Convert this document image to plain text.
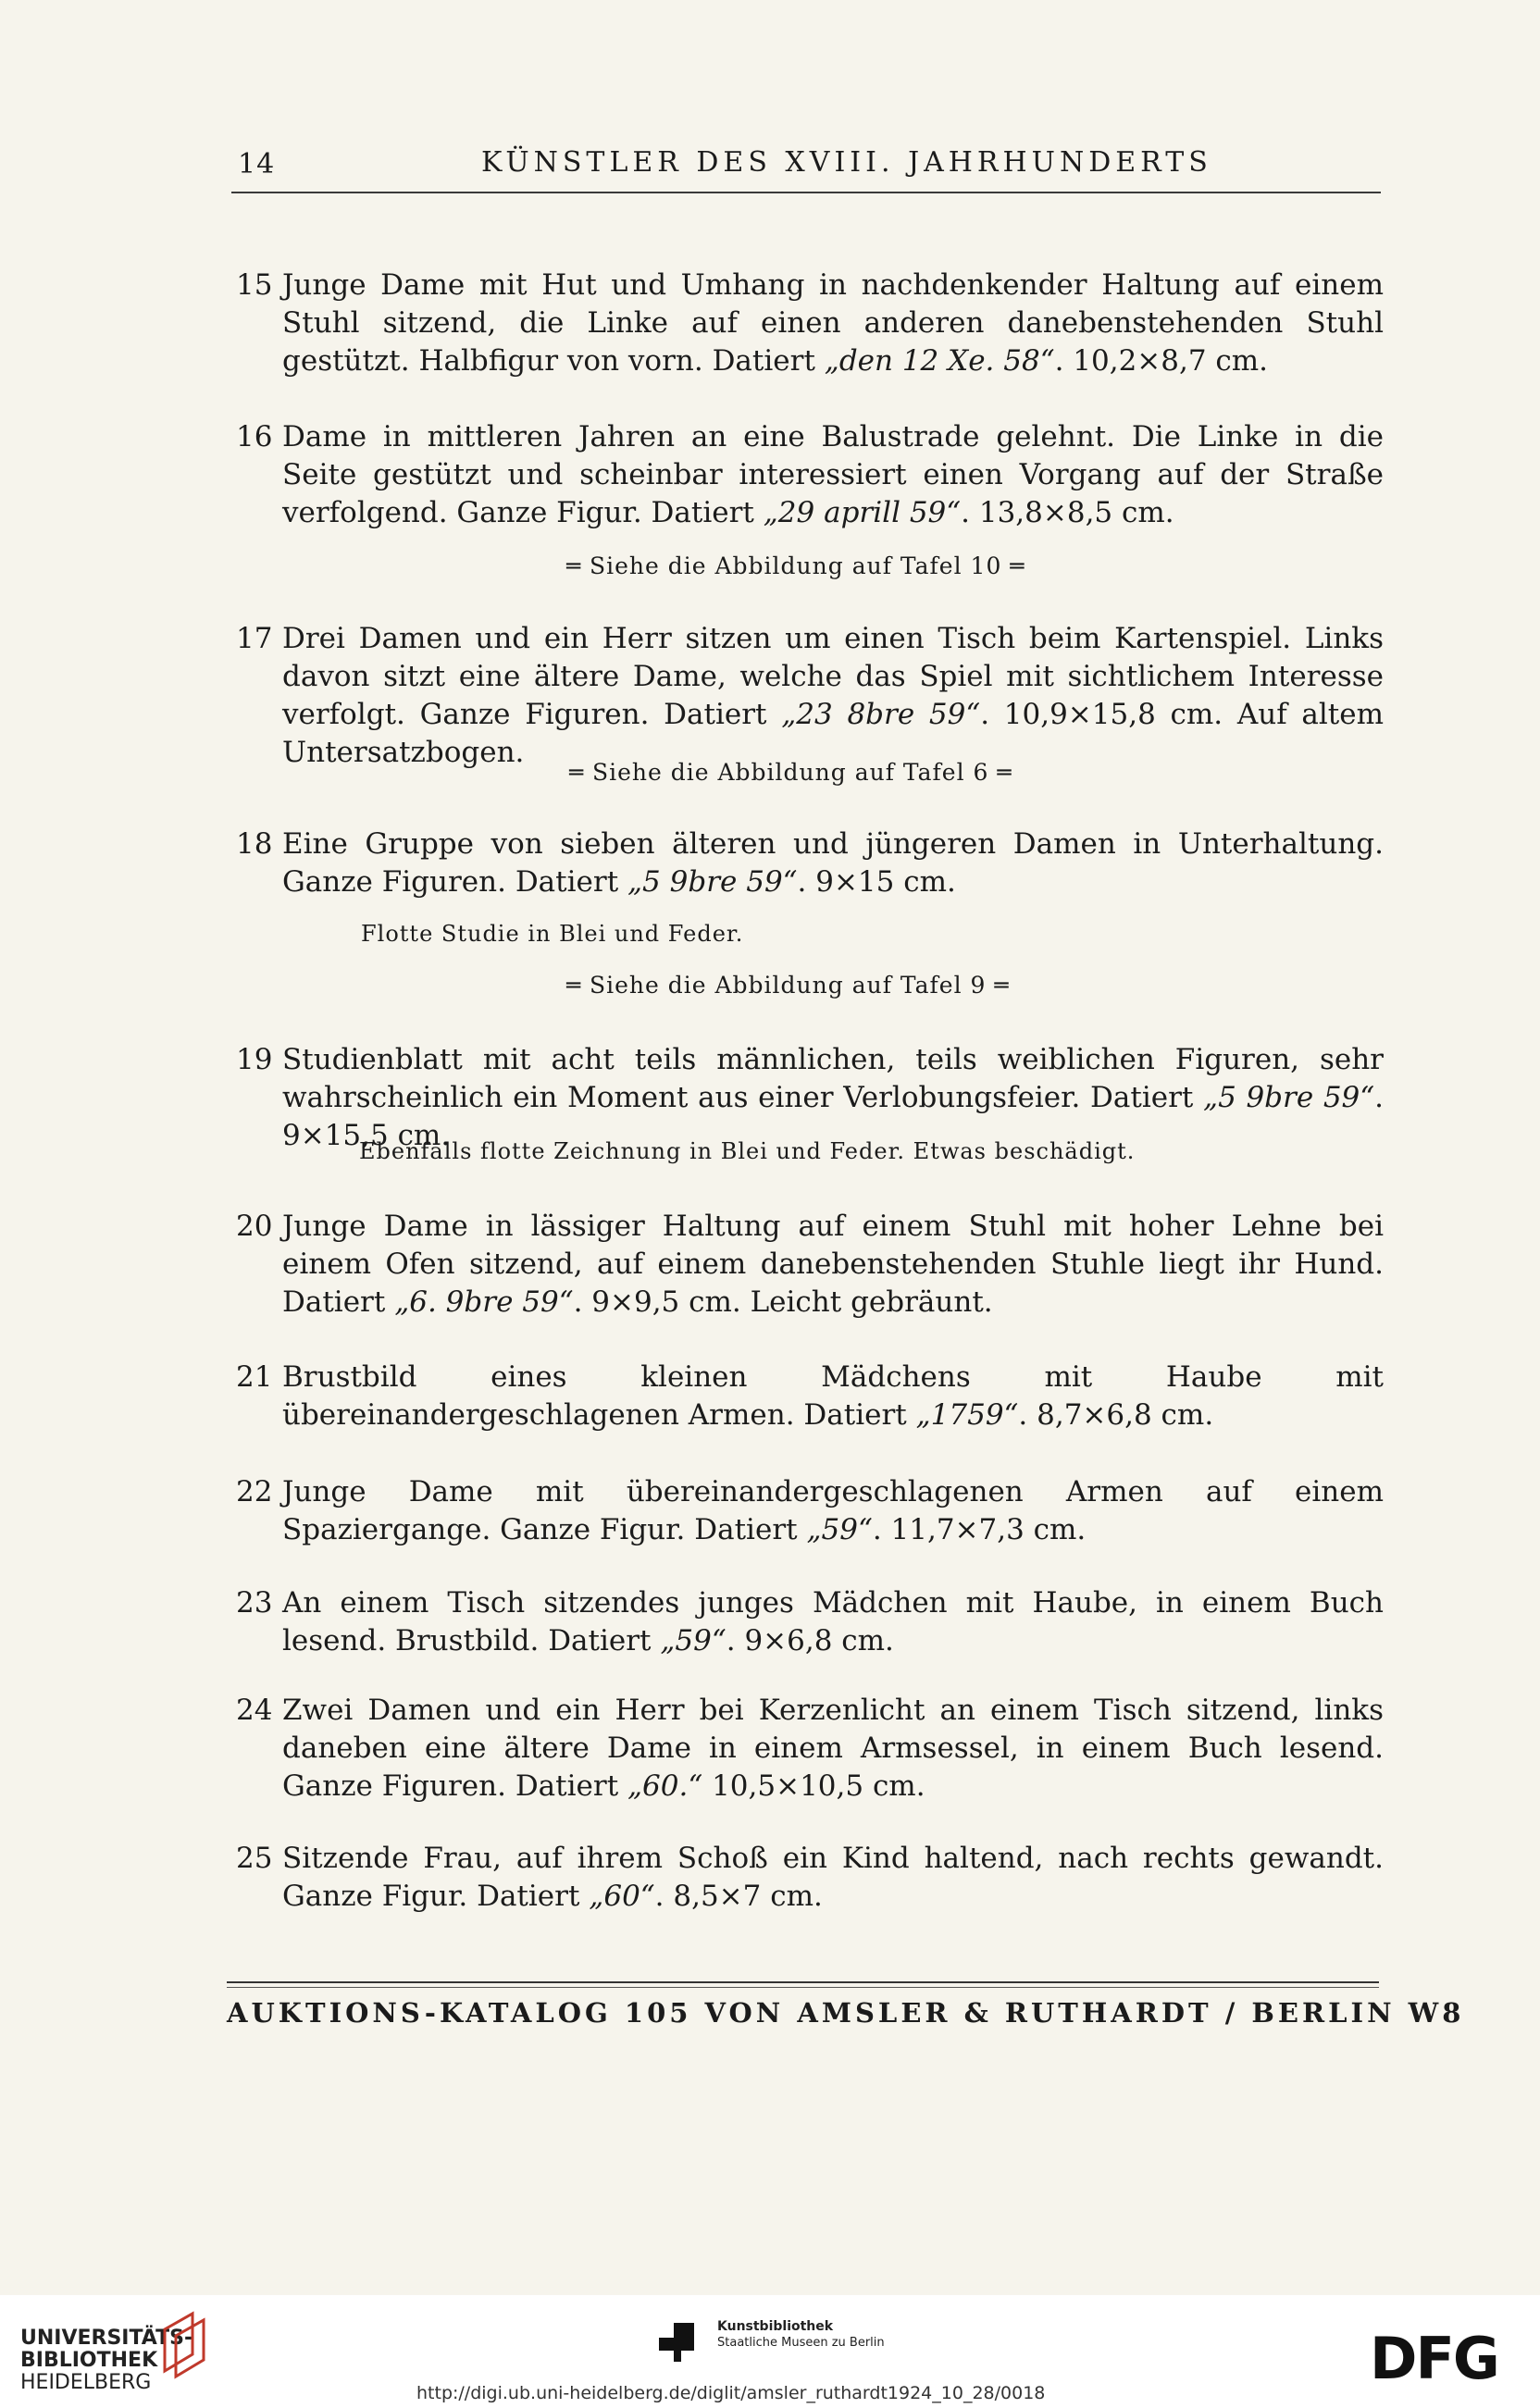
14	KÜNSTLER DES XVIII. JAHRHUNDERTS
15 Junge Dame mit Hut und Umhang in nachdenkender Haltung auf einem Stuhl sitzend, die Linke auf einen anderen danebenstehenden Stuhl gestützt. Halbfigur von vorn. Datiert „den 12 Xe. 58“. 10,2×8,7 cm.
16 Dame in mittleren Jahren an eine Balustrade gelehnt. Die Linke in die Seite gestützt und scheinbar interessiert einen Vorgang auf der Straße verfolgend. Ganze Figur. Datiert „29 aprill 59“. 13,8×8,5 cm.
═ Siehe die Abbildung auf Tafel 10 ═
17 Drei Damen und ein Herr sitzen um einen Tisch beim Kartenspiel. Links davon sitzt eine ältere Dame, welche das Spiel mit sichtlichem Interesse verfolgt. Ganze Figuren. Datiert „23 8bre 59“. 10,9×15,8 cm. Auf altem Untersatzbogen.
═ Siehe die Abbildung auf Tafel 6 ═
18 Eine Gruppe von sieben älteren und jüngeren Damen in Unterhaltung. Ganze Figuren. Datiert „5 9bre 59“. 9×15 cm.
Flotte Studie in Blei und Feder.
═ Siehe die Abbildung auf Tafel 9 ═
19 Studienblatt mit acht teils männlichen, teils weiblichen Figuren, sehr wahrscheinlich ein Moment aus einer Verlobungsfeier. Datiert „5 9bre 59“. 9×15,5 cm.
Ebenfalls flotte Zeichnung in Blei und Feder. Etwas beschädigt.
20 Junge Dame in lässiger Haltung auf einem Stuhl mit hoher Lehne bei einem Ofen sitzend, auf einem danebenstehenden Stuhle liegt ihr Hund. Datiert „6. 9bre 59“. 9×9,5 cm. Leicht gebräunt.
21 Brustbild eines kleinen Mädchens mit Haube mit übereinandergeschlagenen Armen. Datiert „1759“. 8,7×6,8 cm.
22 Junge Dame mit übereinandergeschlagenen Armen auf einem Spaziergange. Ganze Figur. Datiert „59“. 11,7×7,3 cm.
23 An einem Tisch sitzendes junges Mädchen mit Haube, in einem Buch lesend. Brustbild. Datiert „59“. 9×6,8 cm.
24 Zwei Damen und ein Herr bei Kerzenlicht an einem Tisch sitzend, links daneben eine ältere Dame in einem Armsessel, in einem Buch lesend. Ganze Figuren. Datiert „60.“ 10,5×10,5 cm.
25 Sitzende Frau, auf ihrem Schoß ein Kind haltend, nach rechts gewandt. Ganze Figur. Datiert „60“. 8,5×7 cm.
AUKTIONS-KATALOG 105 VON AMSLER & RUTHARDT / BERLIN W8
UNIVERSITÄTS-
BIBLIOTHEK
HEIDELBERG
Kunstbibliothek
Staatliche Museen zu Berlin	DFG
http://digi.ub.uni-heidelberg.de/diglit/amsler_ruthardt1924_10_28/0018
